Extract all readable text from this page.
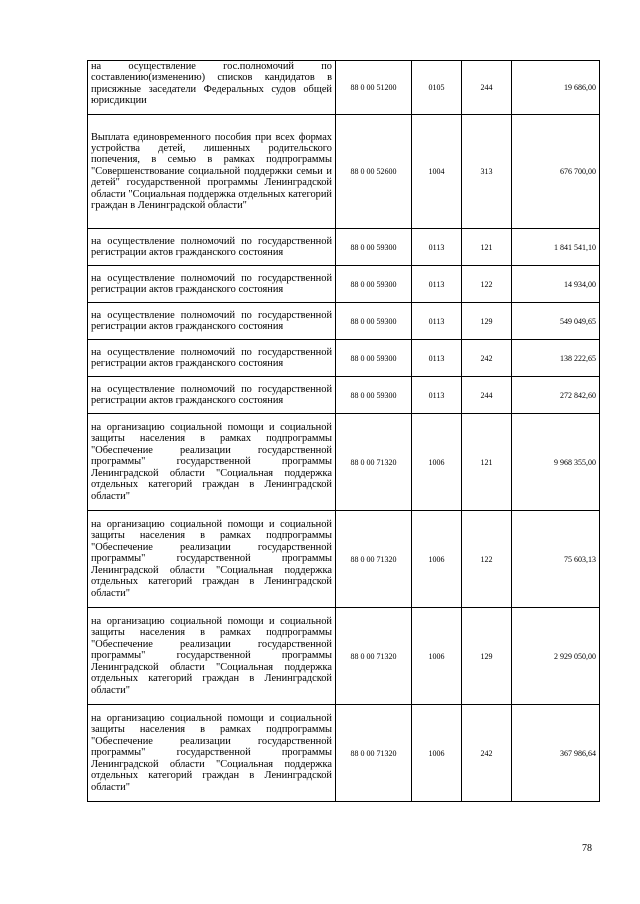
на осуществление гос.полномочий по составлению(изменению) списков кандидатов в присяжные заседатели Федеральных судов общей юрисдикции	88 0 00 51200	0105	244	19 686,00
Выплата единовременного пособия при всех формах устройства детей, лишенных родительского попечения, в семью в рамках подпрограммы "Совершенствование социальной поддержки семьи и детей" государственной программы Ленинградской области "Социальная поддержка отдельных категорий граждан в Ленинградской области"	88 0 00 52600	1004	313	676 700,00
на осуществление полномочий по государственной регистрации актов гражданского состояния	88 0 00 59300	0113	121	1 841 541,10
на осуществление полномочий по государственной регистрации актов гражданского состояния	88 0 00 59300	0113	122	14 934,00
на осуществление полномочий по государственной регистрации актов гражданского состояния	88 0 00 59300	0113	129	549 049,65
на осуществление полномочий по государственной регистрации актов гражданского состояния	88 0 00 59300	0113	242	138 222,65
на осуществление полномочий по государственной регистрации актов гражданского состояния	88 0 00 59300	0113	244	272 842,60
на организацию социальной помощи и социальной защиты населения в рамках подпрограммы "Обеспечение реализации государственной программы" государственной программы Ленинградской области "Социальная поддержка отдельных категорий граждан в Ленинградской области"	88 0 00 71320	1006	121	9 968 355,00
на организацию социальной помощи и социальной защиты населения в рамках подпрограммы "Обеспечение реализации государственной программы" государственной программы Ленинградской области "Социальная поддержка отдельных категорий граждан в Ленинградской области"	88 0 00 71320	1006	122	75 603,13
на организацию социальной помощи и социальной защиты населения в рамках подпрограммы "Обеспечение реализации государственной программы" государственной программы Ленинградской области "Социальная поддержка отдельных категорий граждан в Ленинградской области"	88 0 00 71320	1006	129	2 929 050,00
на организацию социальной помощи и социальной защиты населения в рамках подпрограммы "Обеспечение реализации государственной программы" государственной программы Ленинградской области "Социальная поддержка отдельных категорий граждан в Ленинградской области"	88 0 00 71320	1006	242	367 986,64
78
